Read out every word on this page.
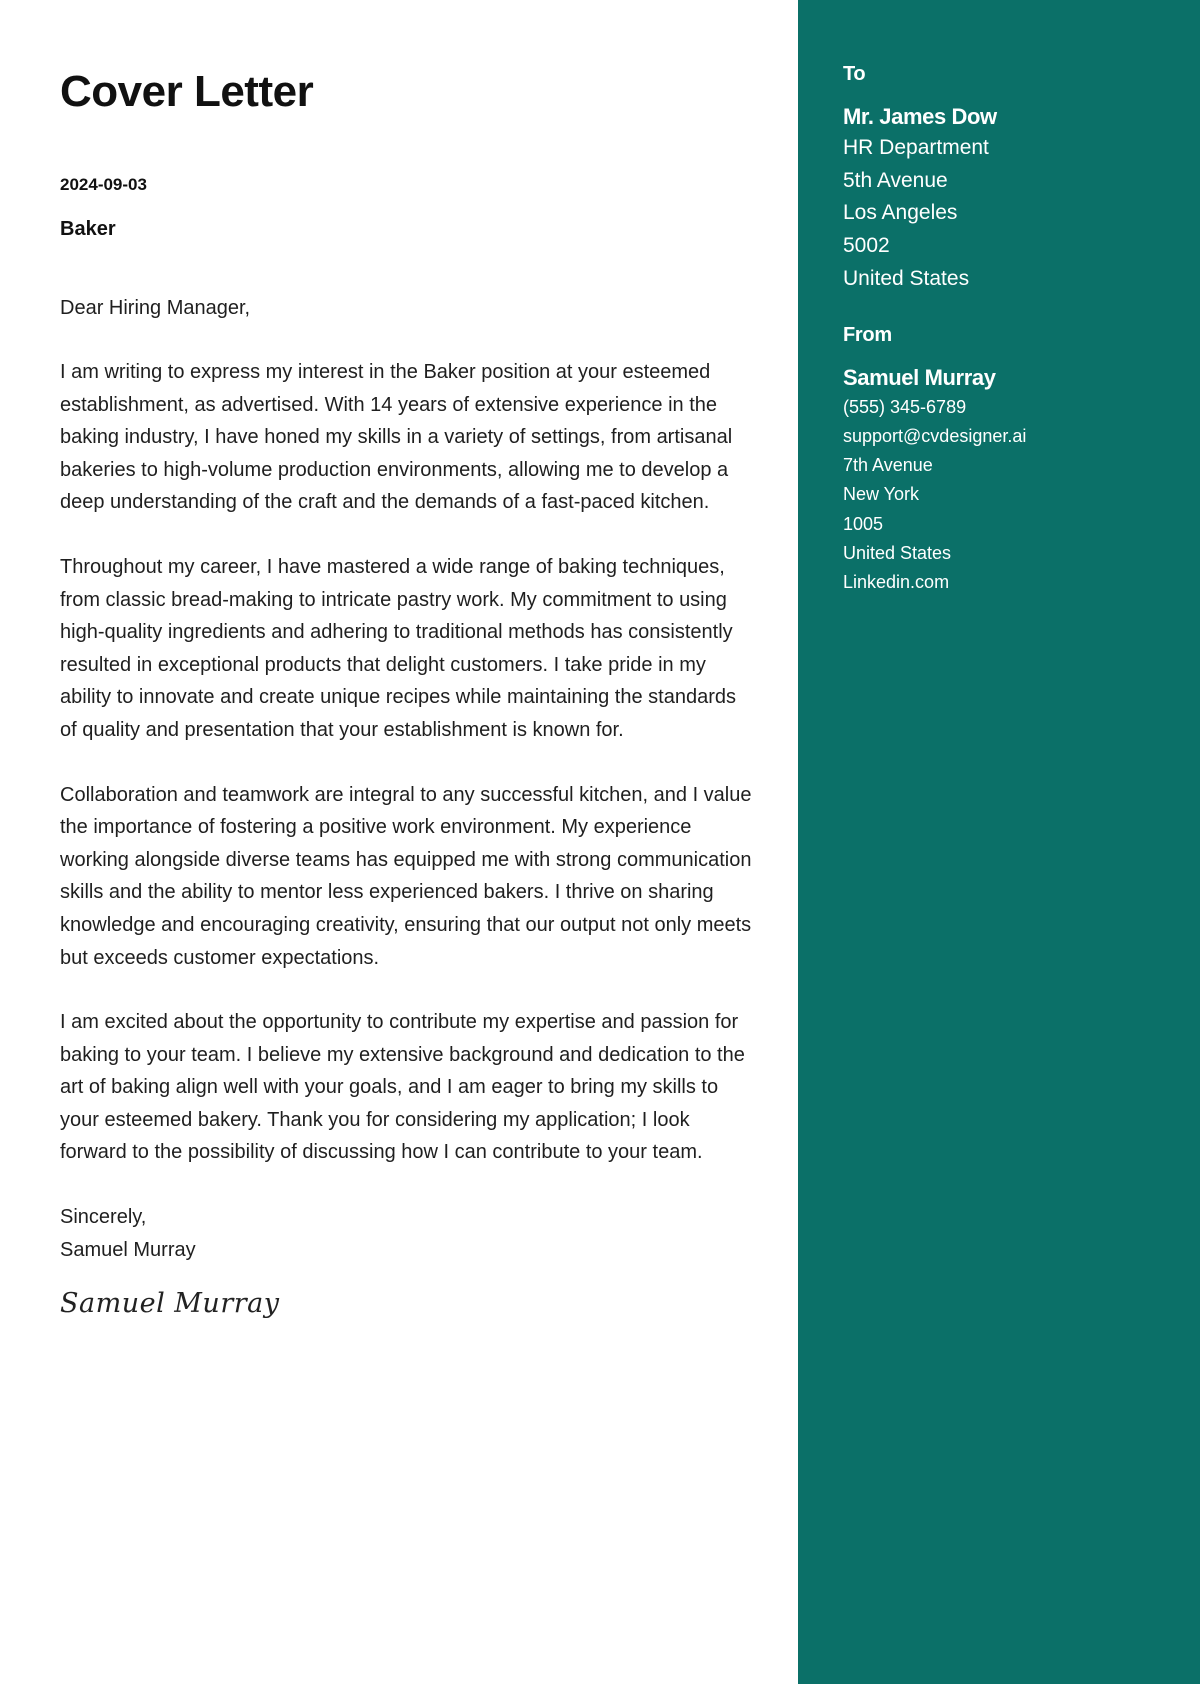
Cover Letter
2024-09-03
Baker
Dear Hiring Manager,

I am writing to express my interest in the Baker position at your esteemed establishment, as advertised. With 14 years of extensive experience in the baking industry, I have honed my skills in a variety of settings, from artisanal bakeries to high-volume production environments, allowing me to develop a deep understanding of the craft and the demands of a fast-paced kitchen.

Throughout my career, I have mastered a wide range of baking techniques, from classic bread-making to intricate pastry work. My commitment to using high-quality ingredients and adhering to traditional methods has consistently resulted in exceptional products that delight customers. I take pride in my ability to innovate and create unique recipes while maintaining the standards of quality and presentation that your establishment is known for.

Collaboration and teamwork are integral to any successful kitchen, and I value the importance of fostering a positive work environment. My experience working alongside diverse teams has equipped me with strong communication skills and the ability to mentor less experienced bakers. I thrive on sharing knowledge and encouraging creativity, ensuring that our output not only meets but exceeds customer expectations.

I am excited about the opportunity to contribute my expertise and passion for baking to your team. I believe my extensive background and dedication to the art of baking align well with your goals, and I am eager to bring my skills to your esteemed bakery. Thank you for considering my application; I look forward to the possibility of discussing how I can contribute to your team.

Sincerely,
Samuel Murray
Samuel Murray
To
Mr. James Dow
HR Department
5th Avenue
Los Angeles
5002
United States
From
Samuel Murray
(555) 345-6789
support@cvdesigner.ai
7th Avenue
New York
1005
United States
Linkedin.com
